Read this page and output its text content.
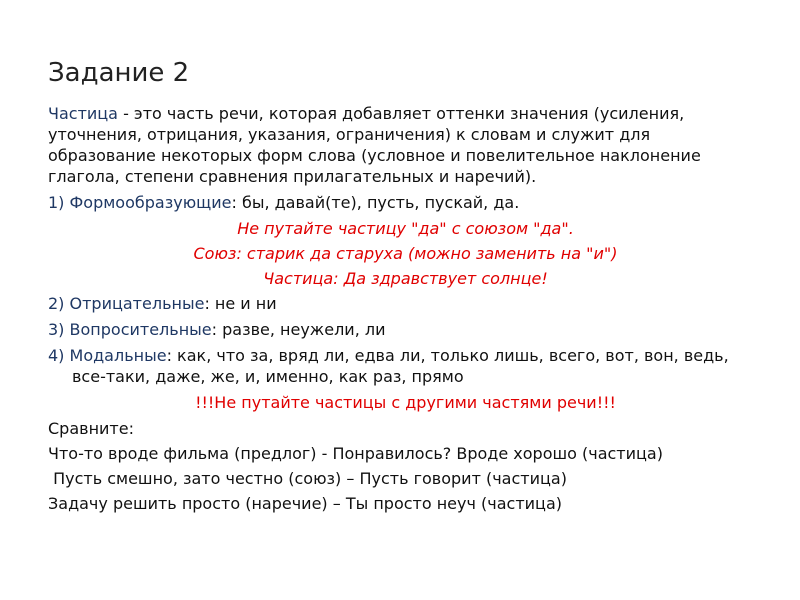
Задание 2

Частица - это часть речи, которая добавляет оттенки значения (усиления, уточнения, отрицания, указания, ограничения) к словам и служит для образование некоторых форм слова (условное и повелительное наклонение глагола, степени сравнения прилагательных и наречий).

1) Формообразующие: бы, давай(те), пусть, пускай, да.

Не путайте частицу "да" с союзом "да".

Союз: старик да старуха (можно заменить на "и")

Частица: Да здравствует солнце!

2) Отрицательные: не и ни
3) Вопросительные: разве, неужели, ли
4) Модальные: как, что за, вряд ли, едва ли, только лишь, всего, вот, вон, ведь, все-таки, даже, же, и, именно, как раз, прямо

!!!Не путайте частицы с другими частями речи!!!

Сравните:
Что-то вроде фильма (предлог) - Понравилось? Вроде хорошо (частица)
Пусть смешно, зато честно (союз) – Пусть говорит (частица)
Задачу решить просто (наречие) – Ты просто неуч (частица)
